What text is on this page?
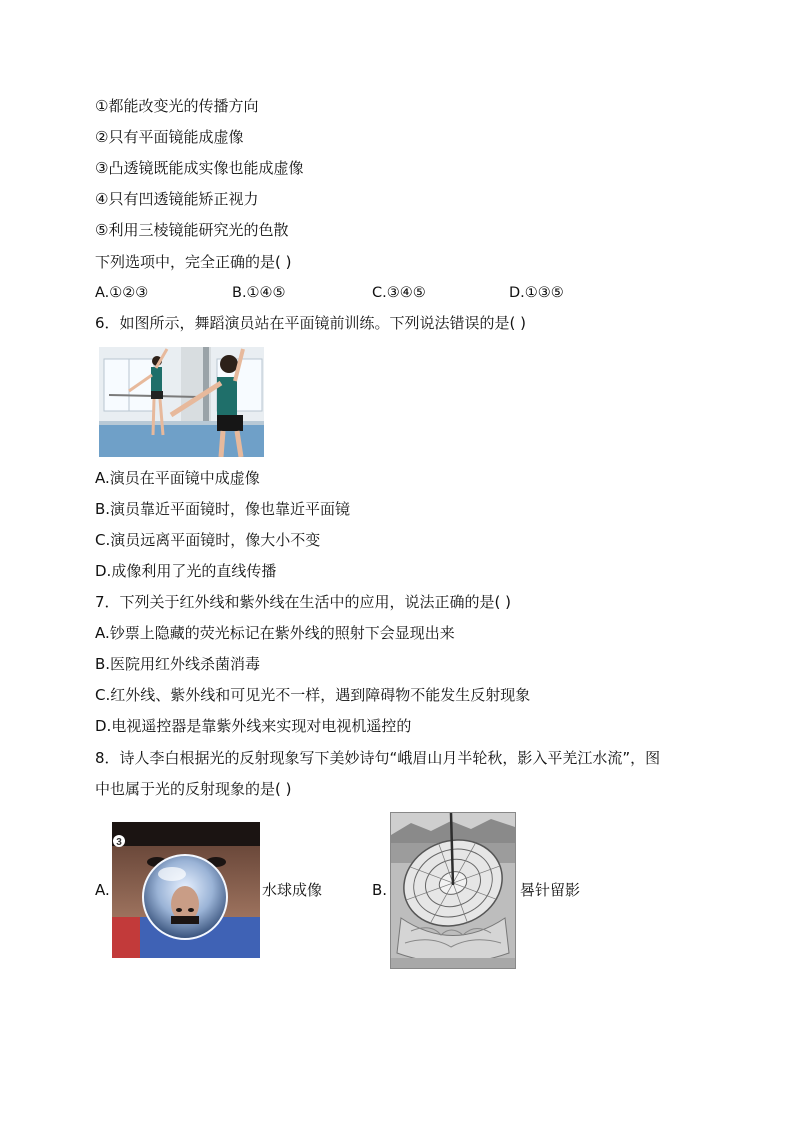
①都能改变光的传播方向
②只有平面镜能成虚像
③凸透镜既能成实像也能成虚像
④只有凹透镜能矫正视力
⑤利用三棱镜能研究光的色散
下列选项中，完全正确的是( )
A.①②③	B.①④⑤	C.③④⑤	D.①③⑤
6．如图所示，舞蹈演员站在平面镜前训练。下列说法错误的是( )
A.演员在平面镜中成虚像
B.演员靠近平面镜时，像也靠近平面镜
C.演员远离平面镜时，像大小不变
D.成像利用了光的直线传播
7．下列关于红外线和紫外线在生活中的应用，说法正确的是( )
A.钞票上隐藏的荧光标记在紫外线的照射下会显现出来
B.医院用红外线杀菌消毒
C.红外线、紫外线和可见光不一样，遇到障碍物不能发生反射现象
D.电视遥控器是靠紫外线来实现对电视机遥控的
8．诗人李白根据光的反射现象写下美妙诗句“峨眉山月半轮秋，影入平羌江水流”，图
中也属于光的反射现象的是( )
A.
3
水球成像	B.	晷针留影
